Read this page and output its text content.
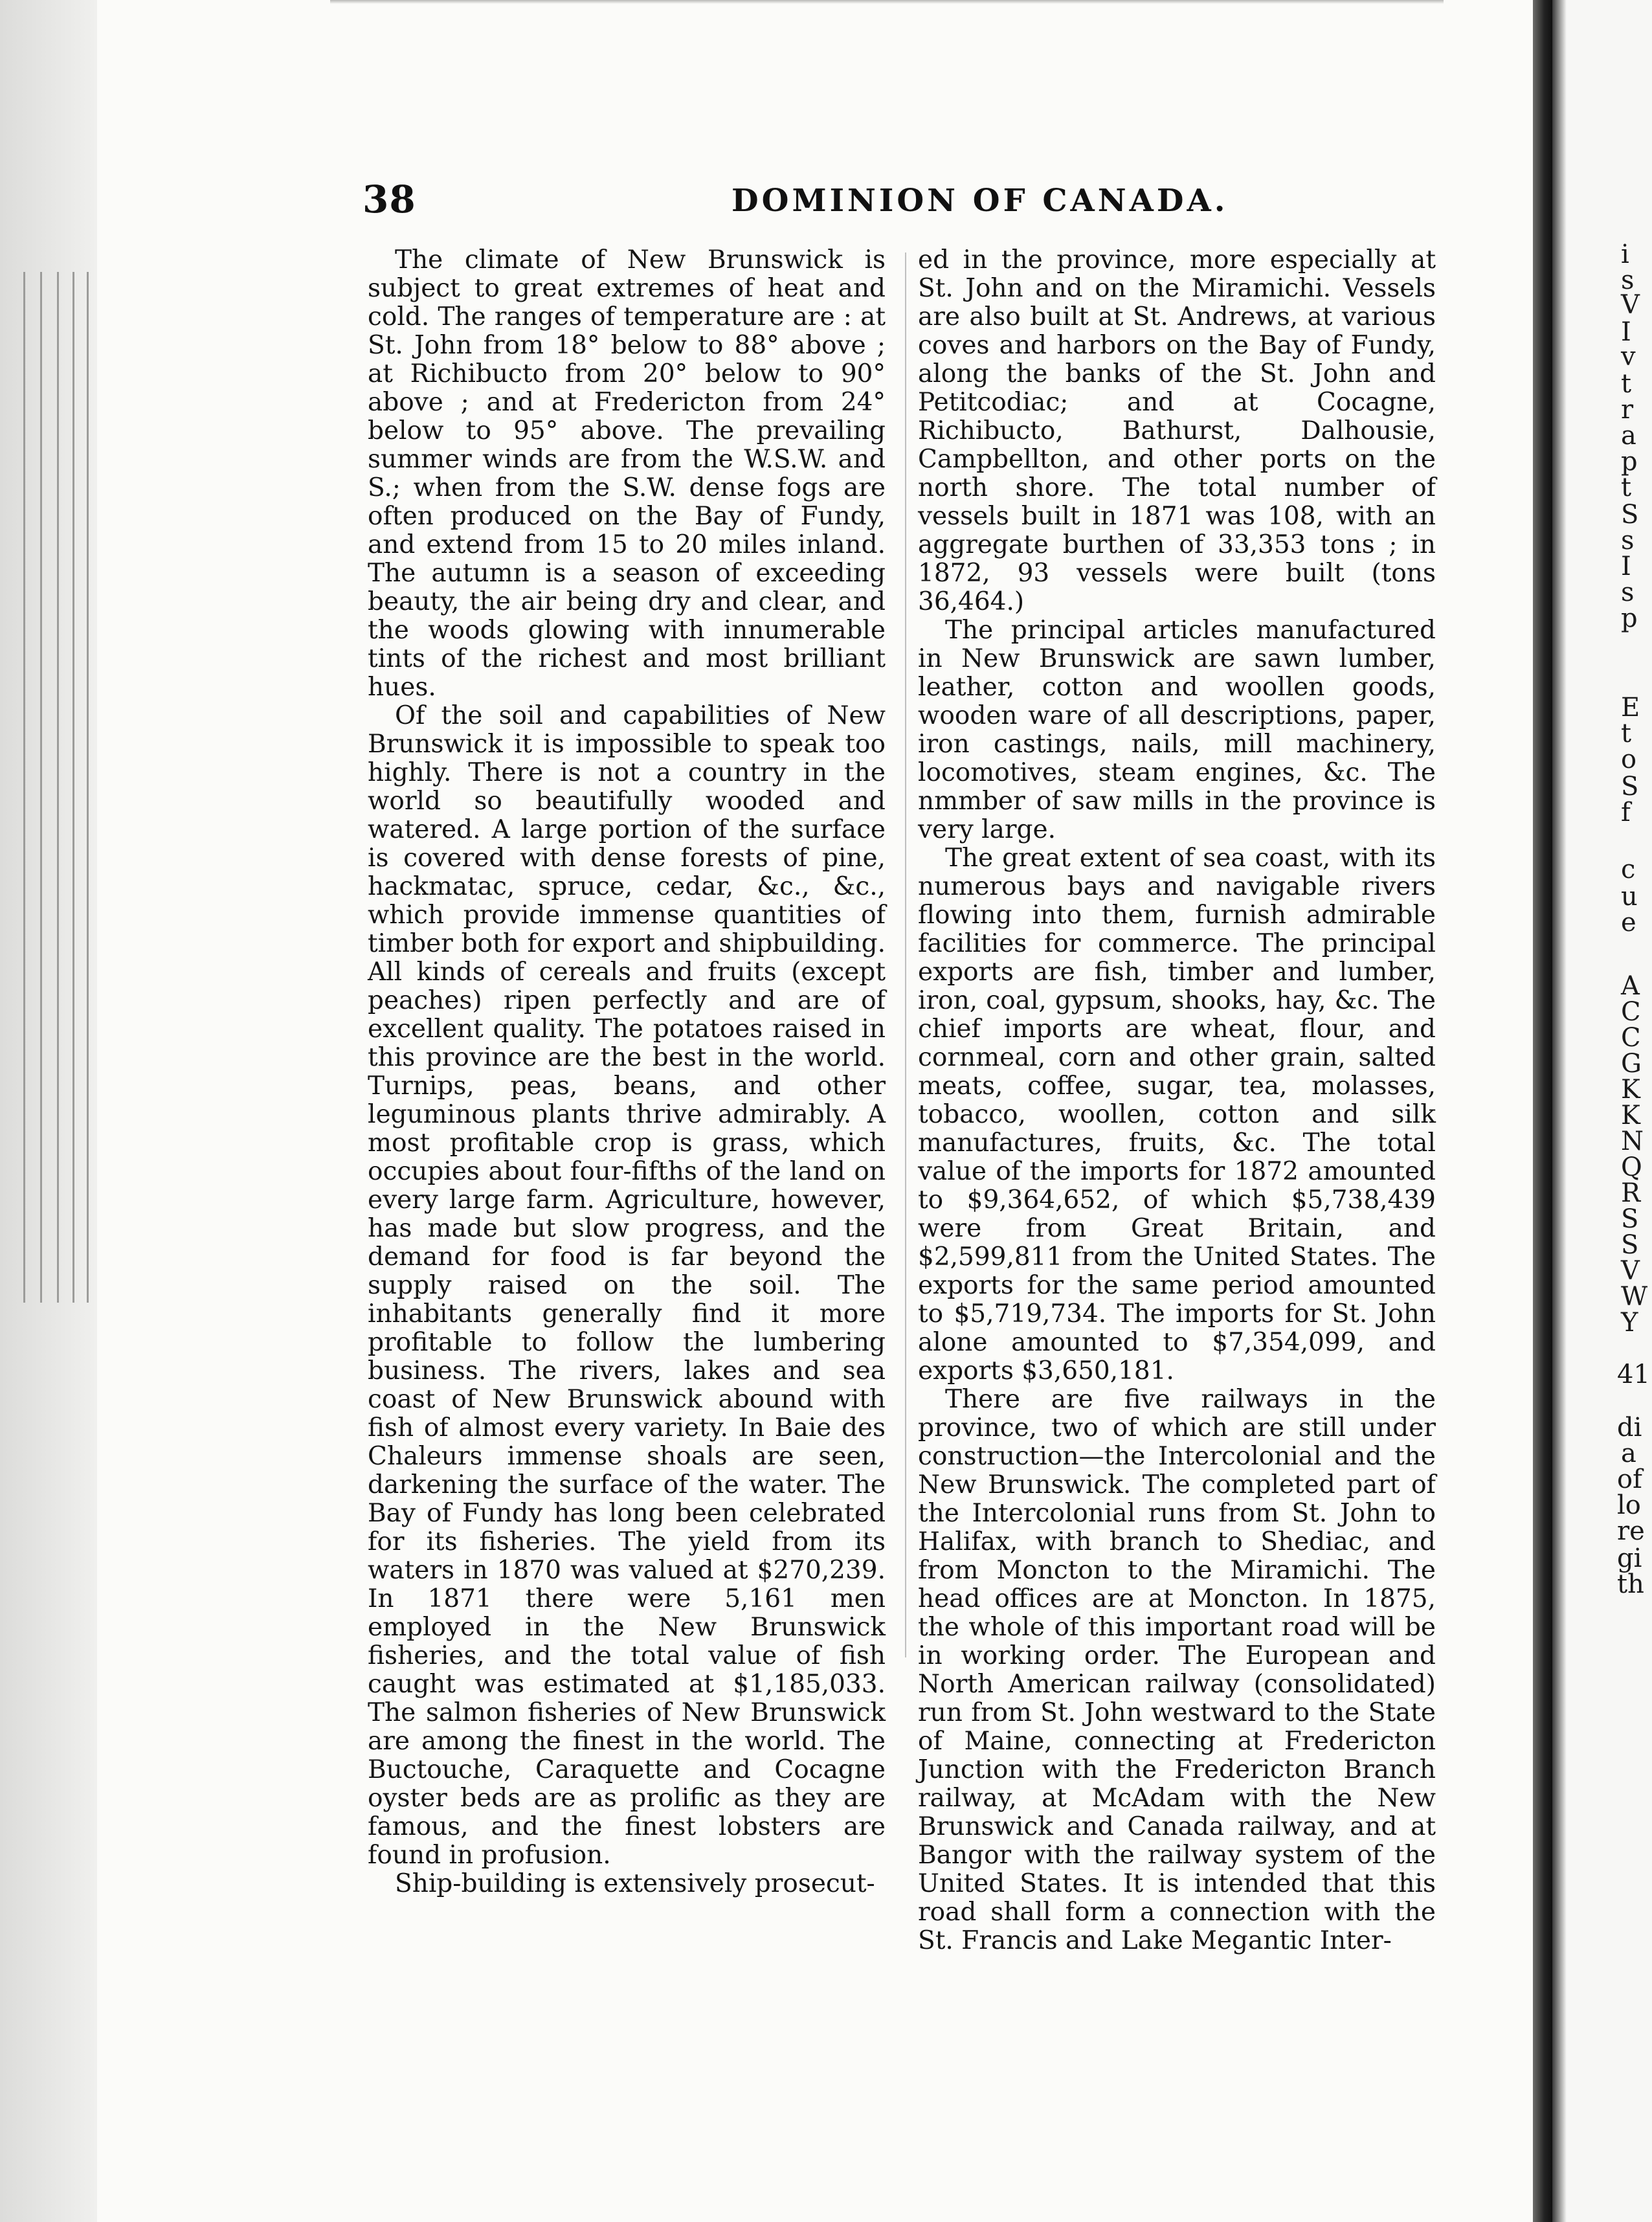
38	DOMINION OF CANADA.

The climate of New Brunswick is subject to great extremes of heat and cold. The ranges of temperature are : at St. John from 18° below to 88° above ; at Richibucto from 20° below to 90° above ; and at Fredericton from 24° below to 95° above. The prevailing summer winds are from the W.S.W. and S.; when from the S.W. dense fogs are often produced on the Bay of Fundy, and extend from 15 to 20 miles inland. The autumn is a season of exceeding beauty, the air being dry and clear, and the woods glowing with innumerable tints of the richest and most brilliant hues.

Of the soil and capabilities of New Brunswick it is impossible to speak too highly. There is not a country in the world so beautifully wooded and watered. A large portion of the surface is covered with dense forests of pine, hackmatac, spruce, cedar, &c., &c., which provide immense quantities of timber both for export and shipbuilding. All kinds of cereals and fruits (except peaches) ripen perfectly and are of excellent quality. The potatoes raised in this province are the best in the world. Turnips, peas, beans, and other leguminous plants thrive admirably. A most profitable crop is grass, which occupies about four-fifths of the land on every large farm. Agriculture, however, has made but slow progress, and the demand for food is far beyond the supply raised on the soil. The inhabitants generally find it more profitable to follow the lumbering business. The rivers, lakes and sea coast of New Brunswick abound with fish of almost every variety. In Baie des Chaleurs immense shoals are seen, darkening the surface of the water. The Bay of Fundy has long been celebrated for its fisheries. The yield from its waters in 1870 was valued at $270,239. In 1871 there were 5,161 men employed in the New Brunswick fisheries, and the total value of fish caught was estimated at $1,185,033. The salmon fisheries of New Brunswick are among the finest in the world. The Buctouche, Caraquette and Cocagne oyster beds are as prolific as they are famous, and the finest lobsters are found in profusion.

Ship-building is extensively prosecut-

ed in the province, more especially at St. John and on the Miramichi. Vessels are also built at St. Andrews, at various coves and harbors on the Bay of Fundy, along the banks of the St. John and Petitcodiac; and at Cocagne, Richibucto, Bathurst, Dalhousie, Campbellton, and other ports on the north shore. The total number of vessels built in 1871 was 108, with an aggregate burthen of 33,353 tons ; in 1872, 93 vessels were built (tons 36,464.)

The principal articles manufactured in New Brunswick are sawn lumber, leather, cotton and woollen goods, wooden ware of all descriptions, paper, iron castings, nails, mill machinery, locomotives, steam engines, &c. The nmmber of saw mills in the province is very large.

The great extent of sea coast, with its numerous bays and navigable rivers flowing into them, furnish admirable facilities for commerce. The principal exports are fish, timber and lumber, iron, coal, gypsum, shooks, hay, &c. The chief imports are wheat, flour, and cornmeal, corn and other grain, salted meats, coffee, sugar, tea, molasses, tobacco, woollen, cotton and silk manufactures, fruits, &c. The total value of the imports for 1872 amounted to $9,364,652, of which $5,738,439 were from Great Britain, and $2,599,811 from the United States. The exports for the same period amounted to $5,719,734. The imports for St. John alone amounted to $7,354,099, and exports $3,650,181.

There are five railways in the province, two of which are still under construction—the Intercolonial and the New Brunswick. The completed part of the Intercolonial runs from St. John to Halifax, with branch to Shediac, and from Moncton to the Miramichi. The head offices are at Moncton. In 1875, the whole of this important road will be in working order. The European and North American railway (consolidated) run from St. John westward to the State of Maine, connecting at Fredericton Junction with the Fredericton Branch railway, at McAdam with the New Brunswick and Canada railway, and at Bangor with the railway system of the United States. It is intended that this road shall form a connection with the St. Francis and Lake Megantic Inter-

i
s
V
I
v
t
r
a
p
t
S
s
I
s
p
E
t
o
S
f
c
u
e
A
C
C
G
K
K
N
Q
R
S
S
V
W
Y
41
di
a
of
lo
re
gi
th
